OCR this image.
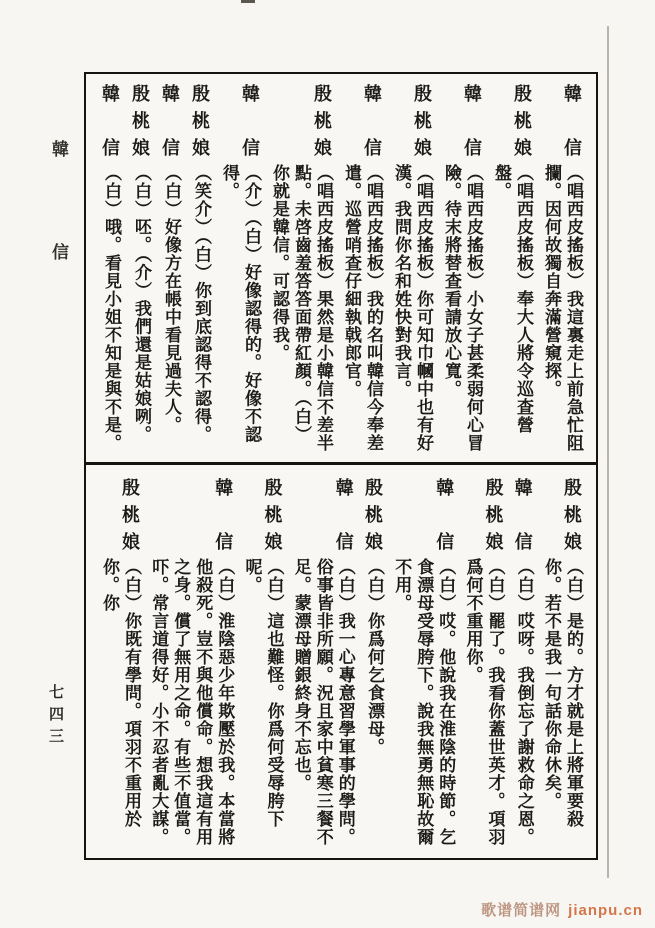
韓信
韓信
（唱西皮搖板）我這裏走上前急忙阻攔。因何故獨自奔滿營窺探。
殷桃娘
（唱西皮搖板）奉大人將令巡查營盤。
韓信
（唱西皮搖板）小女子甚柔弱何心冒險。待末將替查看請放心寬。
殷桃娘
（唱西皮搖板）你可知巾幗中也有好漢。我問你名和姓快對我言。
韓信
（唱西皮搖板）我的名叫韓信今奉差遣。巡營哨查仔細執戟郎官。
殷桃娘
（唱西皮搖板）果然是小韓信不差半點。未啓齒羞答答面帶紅顏。（白）你就是韓信。可認得我。
韓信
（介）（白）好像認得的。好像不認得。
殷桃娘
（笑介）（白）你到底認得不認得。
韓信
（白）好像方在帳中看見過夫人。
殷桃娘
（白）呸。（介）我們還是姑娘咧。
韓信
（白）哦。看見小姐不知是與不是。
殷桃娘
（白）是的。方才就是上將軍要殺你。若不是我一句話你命休矣。
韓信
（白）哎呀。我倒忘了謝救命之恩。
殷桃娘
（白）罷了。我看你蓋世英才。項羽爲何不重用你。
韓信
（白）哎。他說我在淮陰的時節。乞食漂母受辱胯下。說我無勇無恥故爾不用。
殷桃娘
（白）你爲何乞食漂母。
韓信
（白）我一心專意習學軍事的學問。俗事皆非所願。況且家中貧寒三餐不足。蒙漂母贈銀終身不忘也。
殷桃娘
（白）這也難怪。你爲何受辱胯下呢。
韓信
（白）淮陰惡少年欺壓於我。本當將他殺死。豈不與他償命。想我這有用之身。償了無用之命。有些不值當。吓。常言道得好。小不忍者亂大謀。
殷桃娘
（白）你既有學問。項羽不重用於你。你
七四三
歌谱简谱网 jianpu.cn
